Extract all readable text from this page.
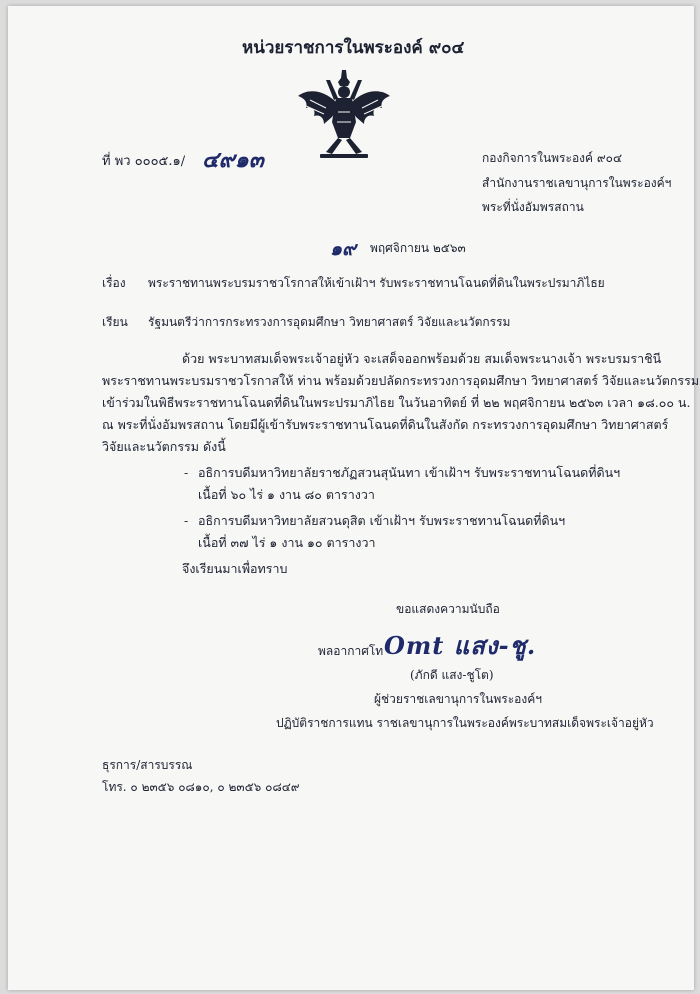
หน่วยราชการในพระองค์ ๙๐๔
ที่ พว ๐๐๐๕.๑/ ๔๙๑๓	กองกิจการในพระองค์ ๙๐๔
สำนักงานราชเลขานุการในพระองค์ฯ
พระที่นั่งอัมพรสถาน
๑๙ พฤศจิกายน ๒๕๖๓
เรื่อง พระราชทานพระบรมราชวโรกาสให้เข้าเฝ้าฯ รับพระราชทานโฉนดที่ดินในพระปรมาภิไธย
เรียน รัฐมนตรีว่าการกระทรวงการอุดมศึกษา วิทยาศาสตร์ วิจัยและนวัตกรรม
ด้วย พระบาทสมเด็จพระเจ้าอยู่หัว จะเสด็จออกพร้อมด้วย สมเด็จพระนางเจ้า พระบรมราชินี
พระราชทานพระบรมราชวโรกาสให้ ท่าน พร้อมด้วยปลัดกระทรวงการอุดมศึกษา วิทยาศาสตร์ วิจัยและนวัตกรรม
เข้าร่วมในพิธีพระราชทานโฉนดที่ดินในพระปรมาภิไธย ในวันอาทิตย์ ที่ ๒๒ พฤศจิกายน ๒๕๖๓ เวลา ๑๘.๐๐ น.
ณ พระที่นั่งอัมพรสถาน โดยมีผู้เข้ารับพระราชทานโฉนดที่ดินในสังกัด กระทรวงการอุดมศึกษา วิทยาศาสตร์
วิจัยและนวัตกรรม ดังนี้
- อธิการบดีมหาวิทยาลัยราชภัฏสวนสุนันทา เข้าเฝ้าฯ รับพระราชทานโฉนดที่ดินฯ
เนื้อที่ ๖๐ ไร่ ๑ งาน ๘๐ ตารางวา
- อธิการบดีมหาวิทยาลัยสวนดุสิต เข้าเฝ้าฯ รับพระราชทานโฉนดที่ดินฯ
เนื้อที่ ๓๗ ไร่ ๑ งาน ๑๐ ตารางวา
จึงเรียนมาเพื่อทราบ
ขอแสดงความนับถือ
พลอากาศโท Omt แสง-ชู.
(ภักดี แสง-ชูโต)
ผู้ช่วยราชเลขานุการในพระองค์ฯ
ปฏิบัติราชการแทน ราชเลขานุการในพระองค์พระบาทสมเด็จพระเจ้าอยู่หัว
ธุรการ/สารบรรณ
โทร. ๐ ๒๓๕๖ ๐๘๑๐, ๐ ๒๓๕๖ ๐๘๔๙
